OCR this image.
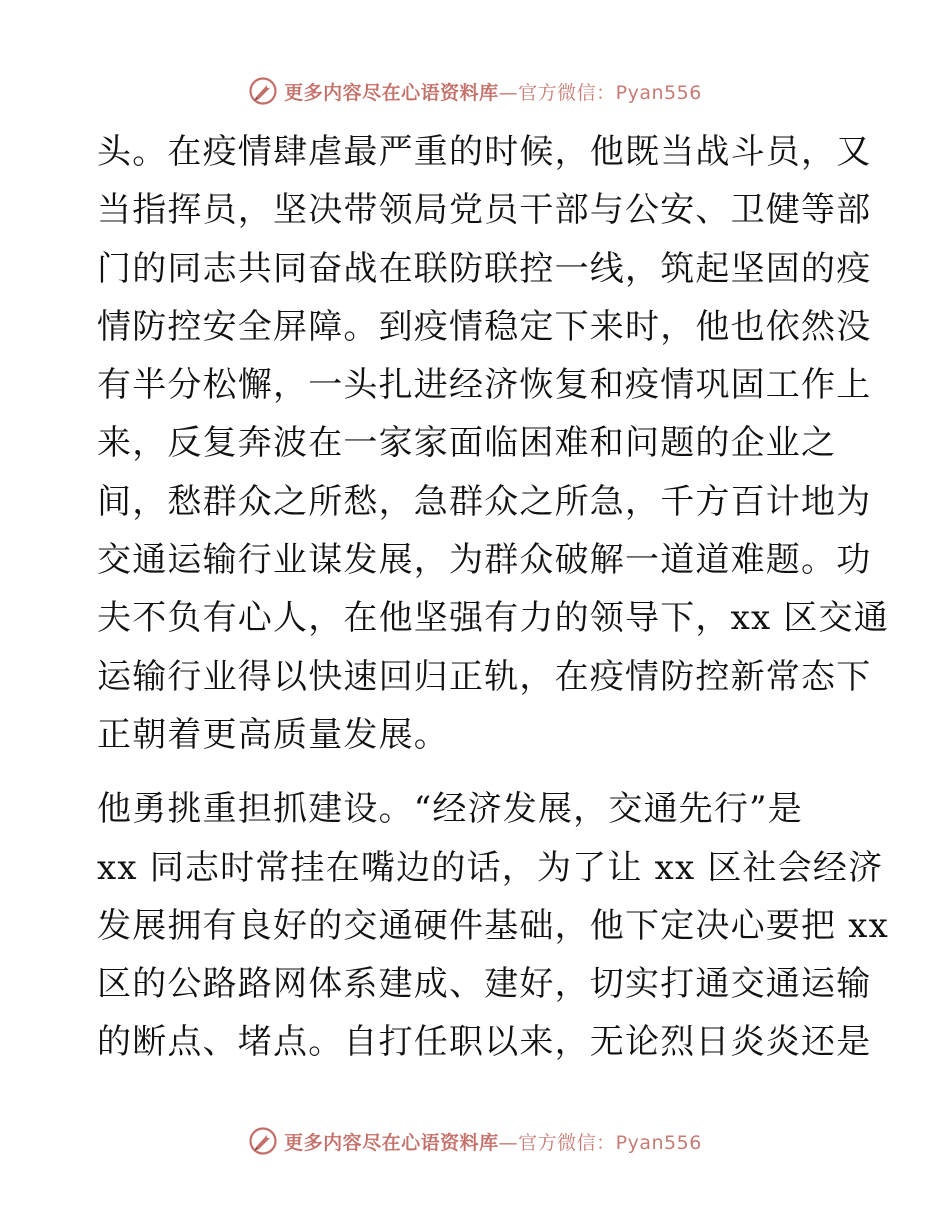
更多内容尽在心语资料库—官方微信：Pyan556
头。在疫情肆虐最严重的时候，他既当战斗员，又
当指挥员，坚决带领局党员干部与公安、卫健等部
门的同志共同奋战在联防联控一线，筑起坚固的疫
情防控安全屏障。到疫情稳定下来时，他也依然没
有半分松懈，一头扎进经济恢复和疫情巩固工作上
来，反复奔波在一家家面临困难和问题的企业之
间，愁群众之所愁，急群众之所急，千方百计地为
交通运输行业谋发展，为群众破解一道道难题。功
夫不负有心人，在他坚强有力的领导下，xx 区交通
运输行业得以快速回归正轨，在疫情防控新常态下
正朝着更高质量发展。
他勇挑重担抓建设。“经济发展，交通先行”是
xx 同志时常挂在嘴边的话，为了让 xx 区社会经济
发展拥有良好的交通硬件基础，他下定决心要把 xx
区的公路路网体系建成、建好，切实打通交通运输
的断点、堵点。自打任职以来，无论烈日炎炎还是
更多内容尽在心语资料库—官方微信：Pyan556
